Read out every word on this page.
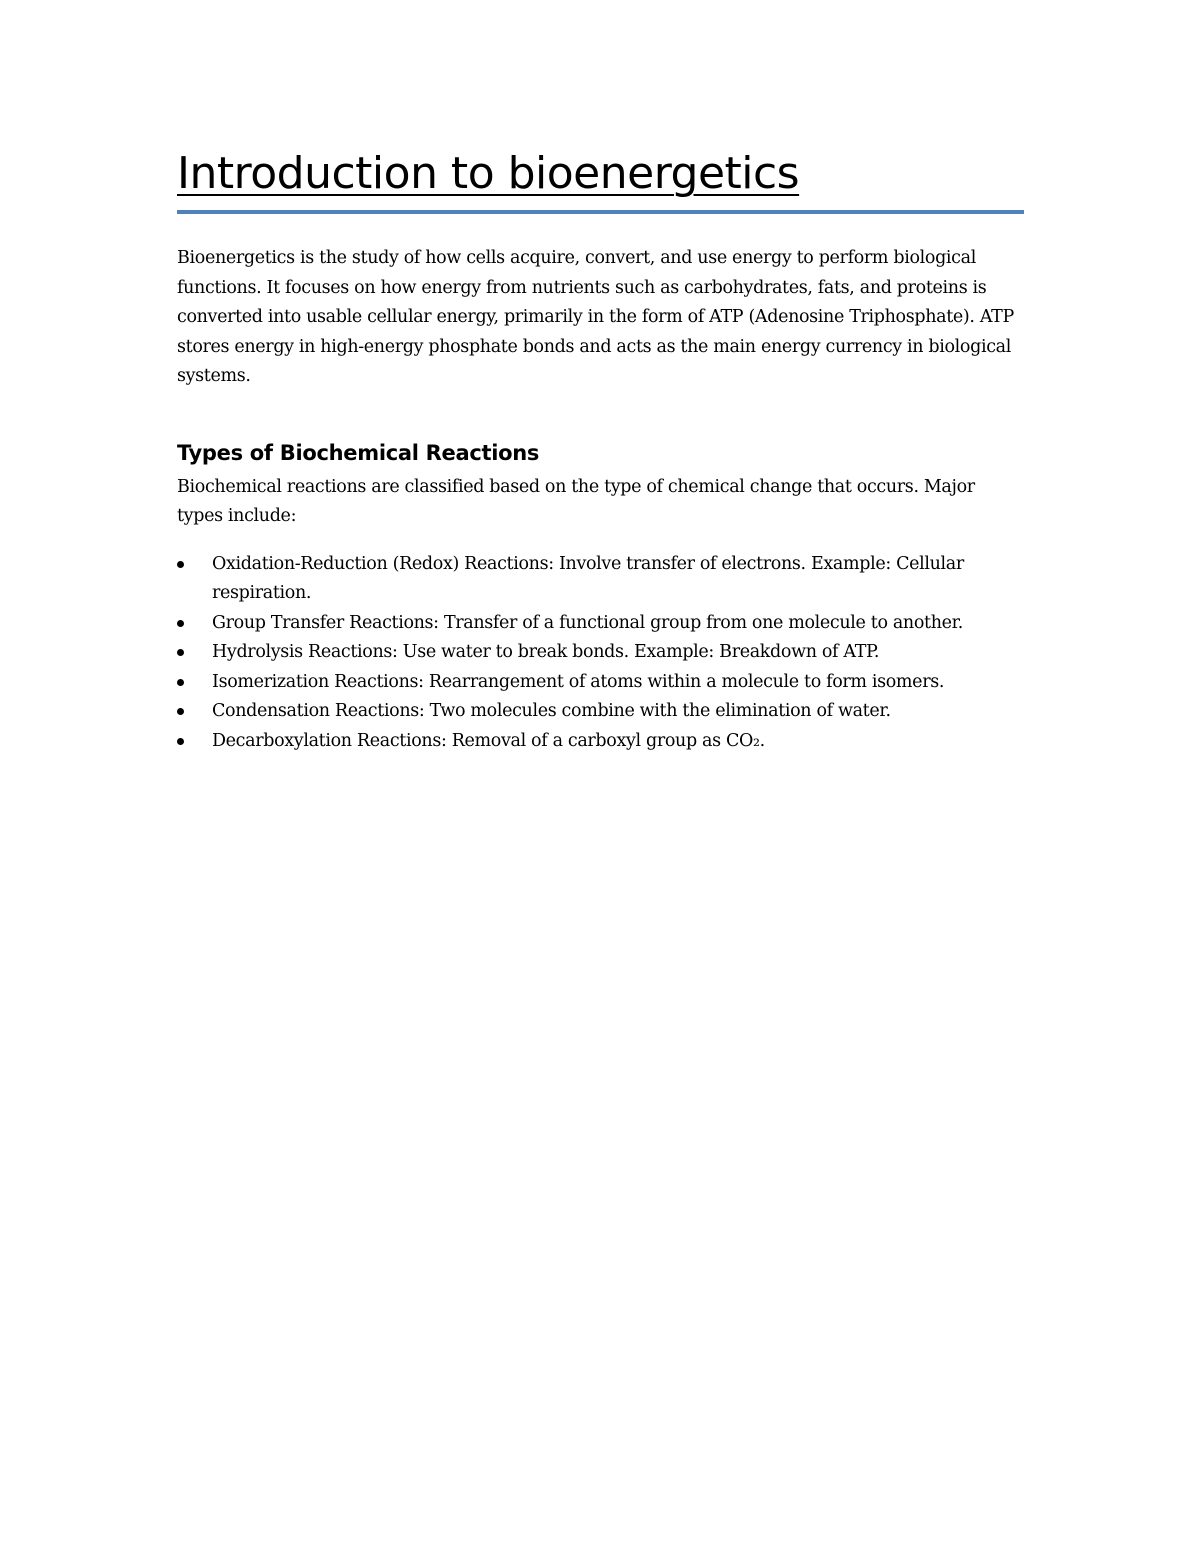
Introduction to bioenergetics

Bioenergetics is the study of how cells acquire, convert, and use energy to perform biological functions. It focuses on how energy from nutrients such as carbohydrates, fats, and proteins is converted into usable cellular energy, primarily in the form of ATP (Adenosine Triphosphate). ATP stores energy in high-energy phosphate bonds and acts as the main energy currency in biological systems.

Types of Biochemical Reactions

Biochemical reactions are classified based on the type of chemical change that occurs. Major types include:

Oxidation-Reduction (Redox) Reactions: Involve transfer of electrons. Example: Cellular respiration.
Group Transfer Reactions: Transfer of a functional group from one molecule to another.
Hydrolysis Reactions: Use water to break bonds. Example: Breakdown of ATP.
Isomerization Reactions: Rearrangement of atoms within a molecule to form isomers.
Condensation Reactions: Two molecules combine with the elimination of water.
Decarboxylation Reactions: Removal of a carboxyl group as CO₂.
